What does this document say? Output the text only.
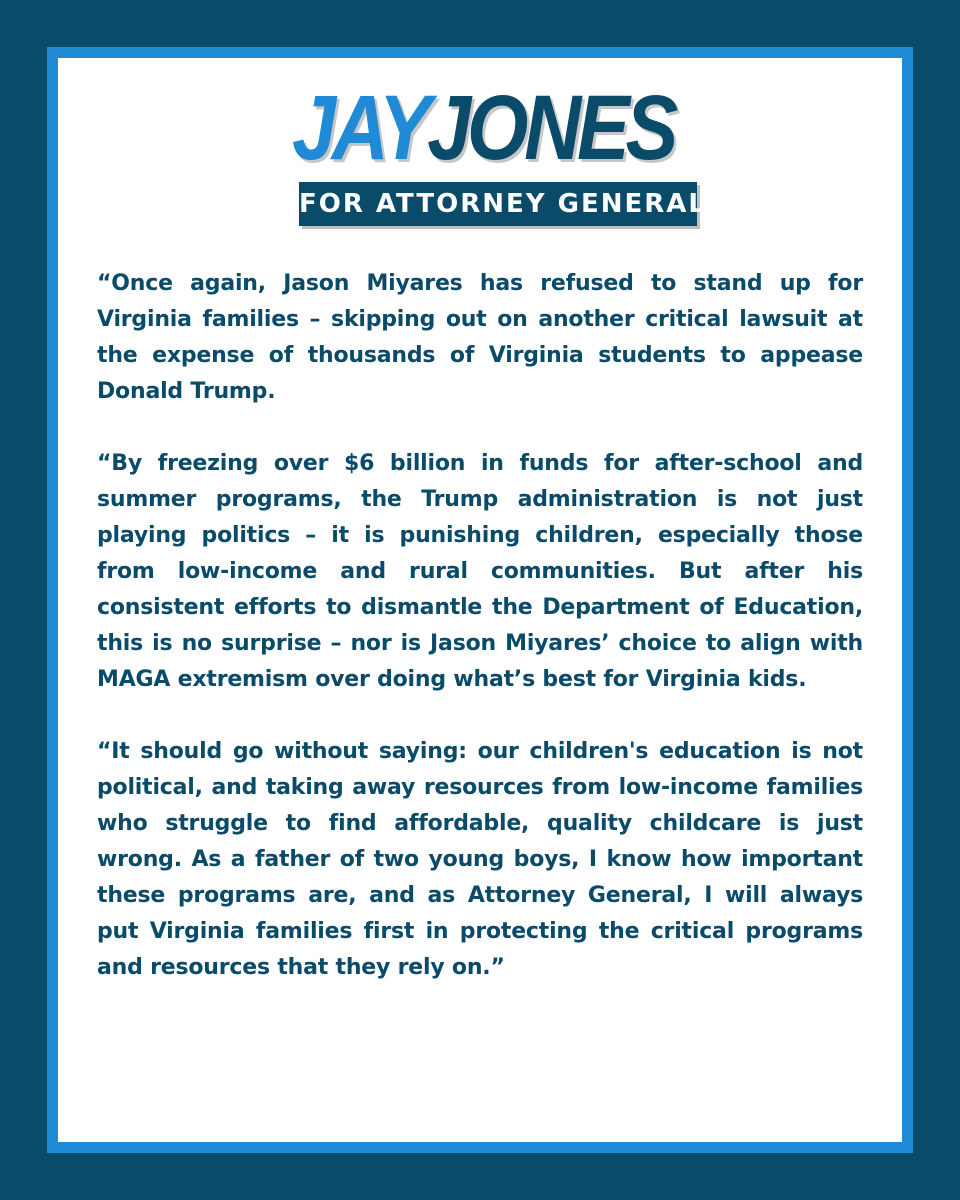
JAYJONES
FOR ATTORNEY GENERAL

“Once again, Jason Miyares has refused to stand up for Virginia families – skipping out on another critical lawsuit at the expense of thousands of Virginia students to appease Donald Trump.

“By freezing over $6 billion in funds for after-school and summer programs, the Trump administration is not just playing politics – it is punishing children, especially those from low-income and rural communities. But after his consistent efforts to dismantle the Department of Education, this is no surprise – nor is Jason Miyares’ choice to align with MAGA extremism over doing what’s best for Virginia kids.

“It should go without saying: our children's education is not political, and taking away resources from low-income families who struggle to find affordable, quality childcare is just wrong. As a father of two young boys, I know how important these programs are, and as Attorney General, I will always put Virginia families first in protecting the critical programs and resources that they rely on.”
